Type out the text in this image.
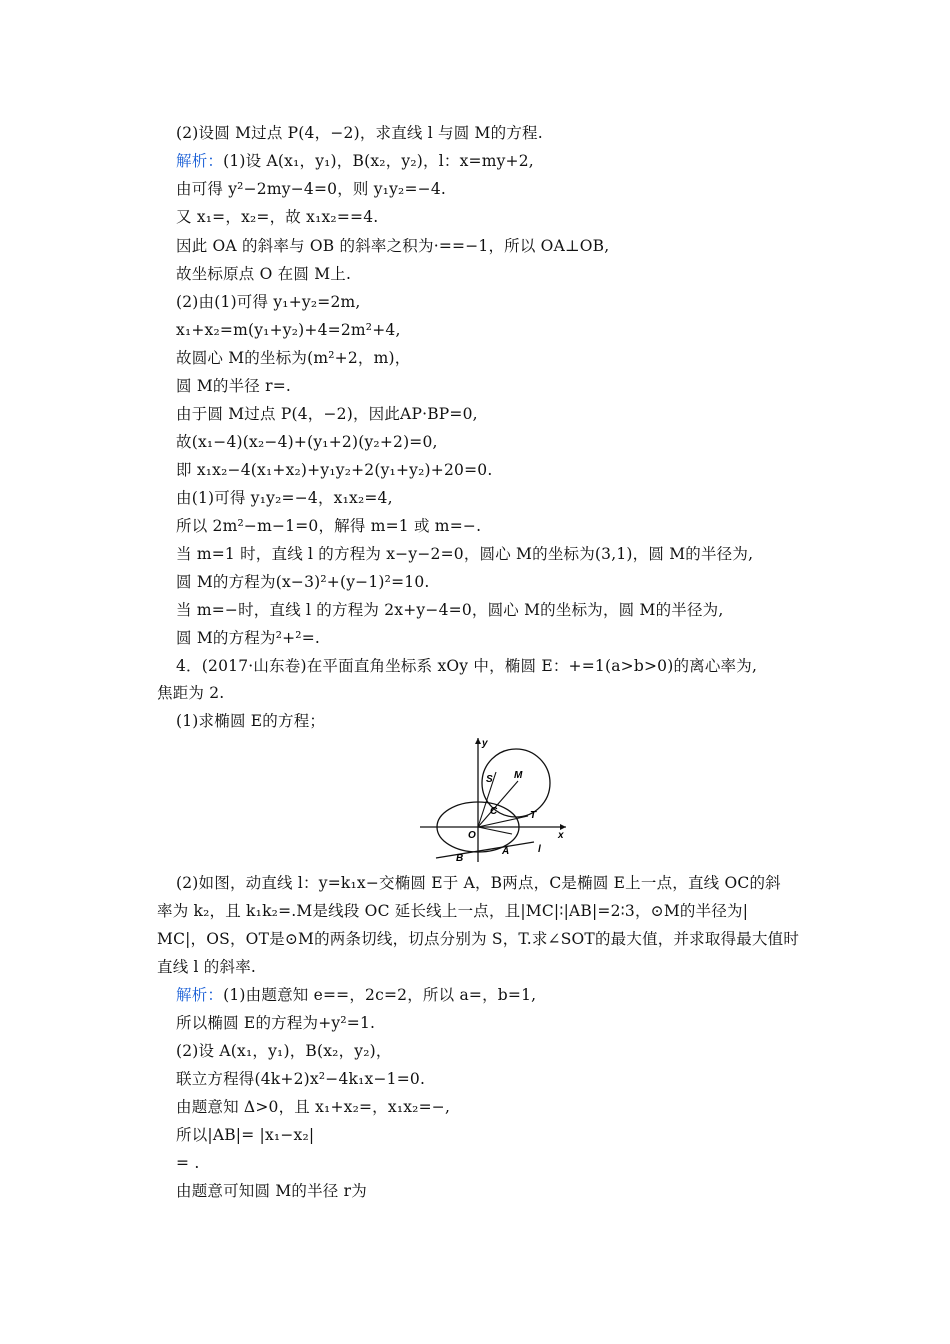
(2)设圆 M过点 P(4，−2)，求直线 l 与圆 M的方程.
解析：(1)设 A(x₁，y₁)，B(x₂，y₂)，l：x=my+2,
由可得 y²−2my−4=0，则 y₁y₂=−4.
又 x₁=，x₂=，故 x₁x₂==4.
因此 OA 的斜率与 OB 的斜率之积为·==−1，所以 OA⊥OB,
故坐标原点 O 在圆 M上.
(2)由(1)可得 y₁+y₂=2m,
x₁+x₂=m(y₁+y₂)+4=2m²+4,
故圆心 M的坐标为(m²+2，m)，
圆 M的半径 r=.
由于圆 M过点 P(4，−2)，因此AP·BP=0,
故(x₁−4)(x₂−4)+(y₁+2)(y₂+2)=0,
即 x₁x₂−4(x₁+x₂)+y₁y₂+2(y₁+y₂)+20=0.
由(1)可得 y₁y₂=−4，x₁x₂=4,
所以 2m²−m−1=0，解得 m=1 或 m=−.
当 m=1 时，直线 l 的方程为 x−y−2=0，圆心 M的坐标为(3,1)，圆 M的半径为,
圆 M的方程为(x−3)²+(y−1)²=10.
当 m=−时，直线 l 的方程为 2x+y−4=0，圆心 M的坐标为，圆 M的半径为,
圆 M的方程为²+²=.
4．(2017·山东卷)在平面直角坐标系 xOy 中，椭圆 E：+=1(a>b>0)的离心率为,
焦距为 2.
(1)求椭圆 E的方程；
y
M
S
T
C
O	x
A
B
l
(2)如图，动直线 l：y=k₁x−交椭圆 E于 A，B两点，C是椭圆 E上一点，直线 OC的斜
率为 k₂，且 k₁k₂=.M是线段 OC 延长线上一点，且|MC|∶|AB|=2∶3，⊙M的半径为|
MC|，OS，OT是⊙M的两条切线，切点分别为 S，T.求∠SOT的最大值，并求取得最大值时
直线 l 的斜率.
解析：(1)由题意知 e==，2c=2，所以 a=，b=1,
所以椭圆 E的方程为+y²=1.
(2)设 A(x₁，y₁)，B(x₂，y₂)，
联立方程得(4k+2)x²−4k₁x−1=0.
由题意知 Δ>0，且 x₁+x₂=，x₁x₂=−,
所以|AB|= |x₁−x₂|
= .
由题意可知圆 M的半径 r为
